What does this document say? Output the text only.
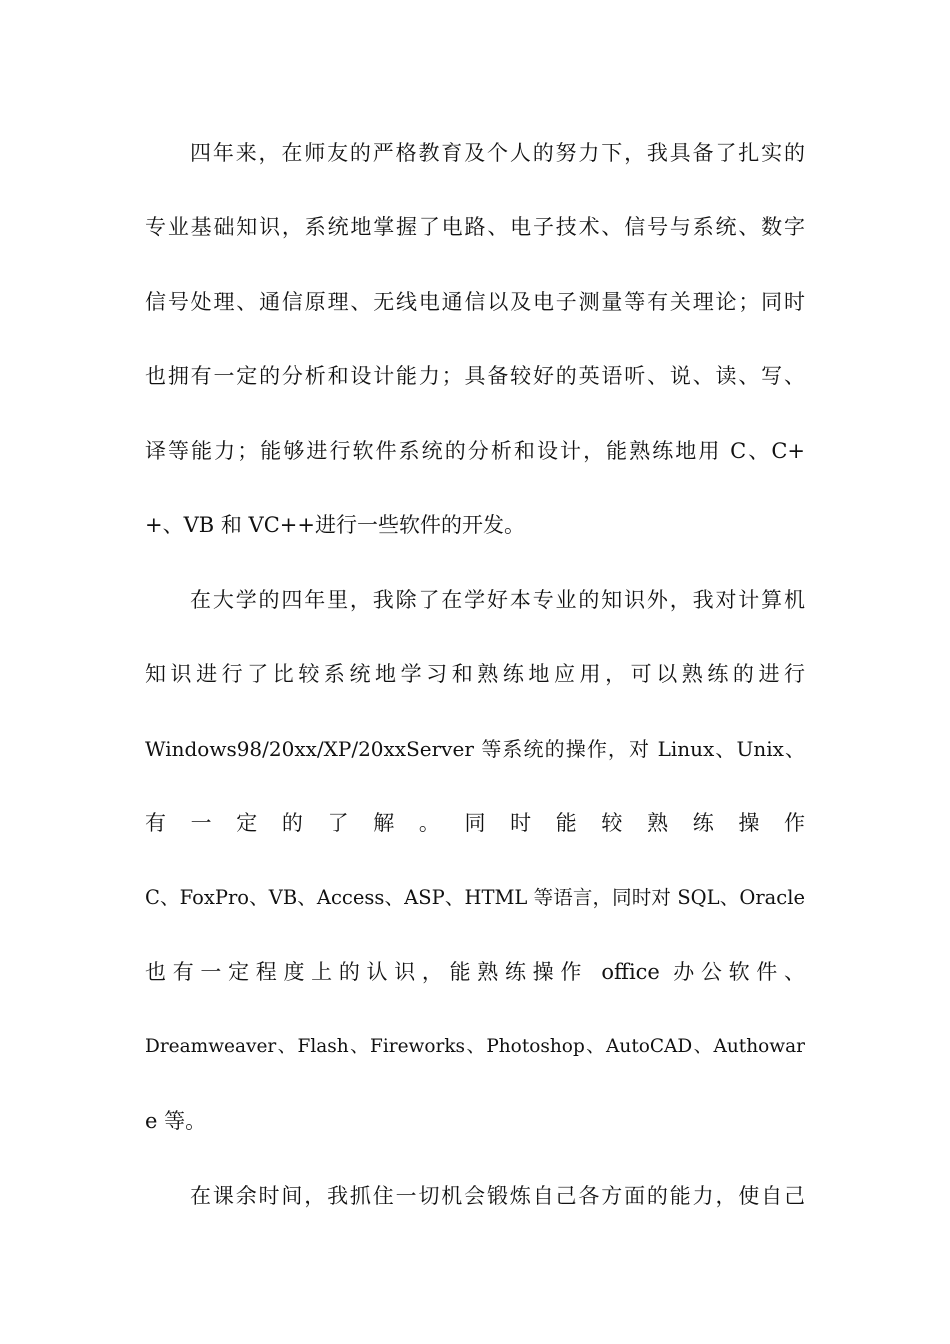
四年来，在师友的严格教育及个人的努力下，我具备了扎实的
专业基础知识，系统地掌握了电路、电子技术、信号与系统、数字
信号处理、通信原理、无线电通信以及电子测量等有关理论；同时
也拥有一定的分析和设计能力；具备较好的英语听、说、读、写、
译等能力；能够进行软件系统的分析和设计，能熟练地用 C、C+
+、VB 和 VC++进行一些软件的开发。
在大学的四年里，我除了在学好本专业的知识外，我对计算机
知识进行了比较系统地学习和熟练地应用，可以熟练的进行
Windows98/20xx/XP/20xxServer 等系统的操作，对 Linux、Unix、
有 一 定 的 了 解 。 同 时 能 较 熟 练 操 作
C、FoxPro、VB、Access、ASP、HTML 等语言，同时对 SQL、Oracle
也有一定程度上的认识，能熟练操作 office 办公软件、
Dreamweaver、Flash、Fireworks、Photoshop、AutoCAD、Authowar
e 等。
在课余时间，我抓住一切机会锻炼自己各方面的能力，使自己
